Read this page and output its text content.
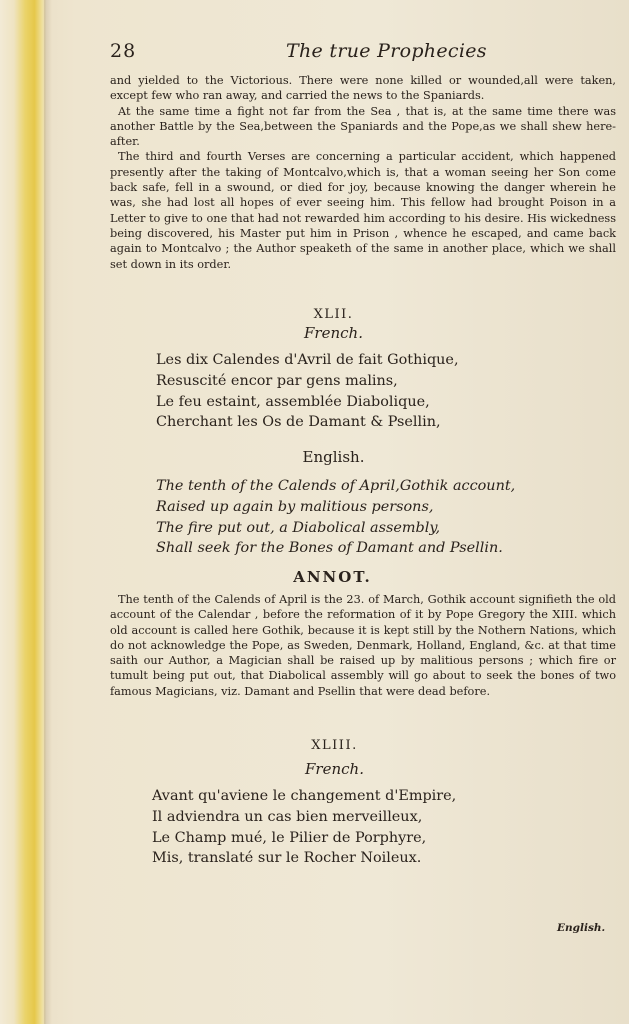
28	The true Prophecies

and yielded to the Victorious. There were none killed or wounded,all were taken, except few who ran away, and carried the news to the Spaniards.

At the same time a fight not far from the Sea , that is, at the same time there was another Battle by the Sea,between the Spaniards and the Pope,as we shall shew here-after.

The third and fourth Verses are concerning a particular accident, which happened presently after the taking of Montcalvo,which is, that a woman seeing her Son come back safe, fell in a swound, or died for joy, because knowing the danger wherein he was, she had lost all hopes of ever seeing him. This fellow had brought Poison in a Letter to give to one that had not rewarded him according to his desire. His wickedness being discovered, his Master put him in Prison , whence he escaped, and came back again to Montcalvo ; the Author speaketh of the same in another place, which we shall set down in its order.

XLII.
French.
Les dix Calendes d'Avril de fait Gothique,
Resuscité encor par gens malins,
Le feu estaint, assemblée Diabolique,
Cherchant les Os de Damant & Psellin,
English.
The tenth of the Calends of April,Gothik account,
Raised up again by malitious persons,
The fire put out, a Diabolical assembly,
Shall seek for the Bones of Damant and Psellin.
ANNOT.

The tenth of the Calends of April is the 23. of March, Gothik account signifieth the old account of the Calendar , before the reformation of it by Pope Gregory the XIII. which old account is called here Gothik, because it is kept still by the Nothern Nations, which do not acknowledge the Pope, as Sweden, Denmark, Holland, England, &c. at that time saith our Author, a Magician shall be raised up by malitious persons ; which fire or tumult being put out, that Diabolical assembly will go about to seek the bones of two famous Magicians, viz. Damant and Psellin that were dead before.

XLIII.
French.
Avant qu'aviene le changement d'Empire,
Il adviendra un cas bien merveilleux,
Le Champ mué, le Pilier de Porphyre,
Mis, translaté sur le Rocher Noileux.
English.
